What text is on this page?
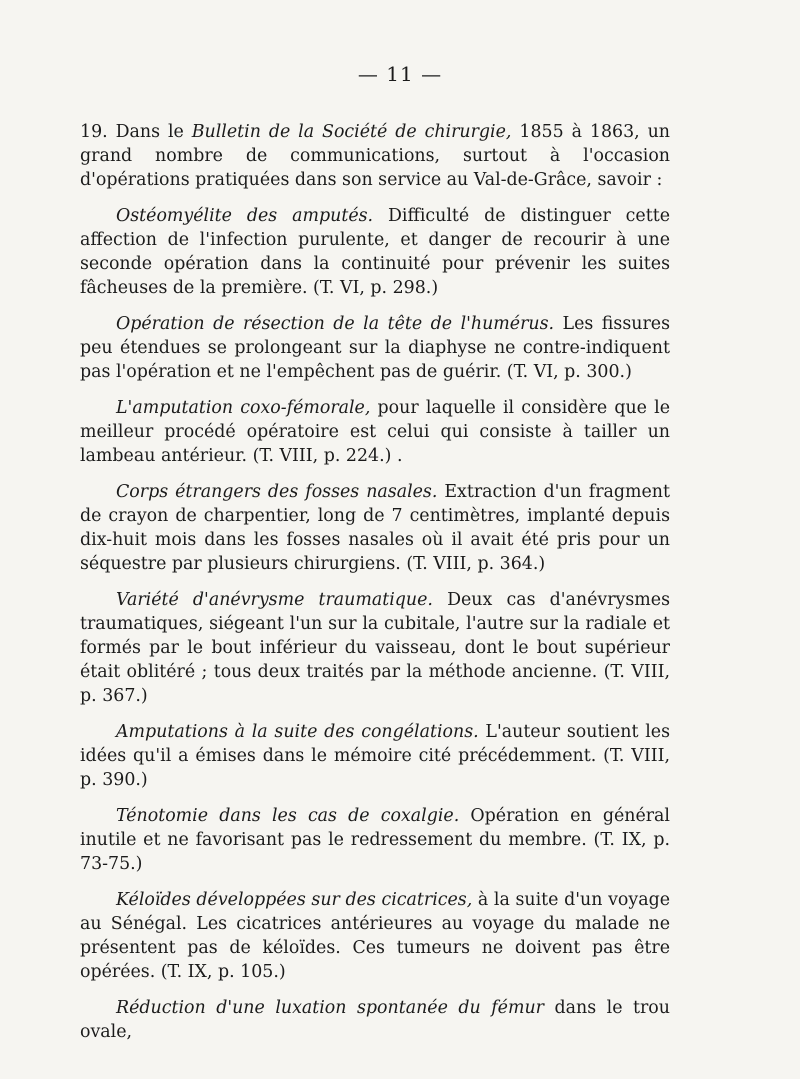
— 11 —

19. Dans le Bulletin de la Société de chirurgie, 1855 à 1863, un grand nombre de communications, surtout à l'occasion d'opérations pratiquées dans son service au Val-de-Grâce, savoir :

Ostéomyélite des amputés. Difficulté de distinguer cette affection de l'infection purulente, et danger de recourir à une seconde opération dans la continuité pour prévenir les suites fâcheuses de la première. (T. VI, p. 298.)

Opération de résection de la tête de l'humérus. Les fissures peu étendues se prolongeant sur la diaphyse ne contre-indiquent pas l'opération et ne l'empêchent pas de guérir. (T. VI, p. 300.)

L'amputation coxo-fémorale, pour laquelle il considère que le meilleur procédé opératoire est celui qui consiste à tailler un lambeau antérieur. (T. VIII, p. 224.) .

Corps étrangers des fosses nasales. Extraction d'un fragment de crayon de charpentier, long de 7 centimètres, implanté depuis dix-huit mois dans les fosses nasales où il avait été pris pour un séquestre par plusieurs chirurgiens. (T. VIII, p. 364.)

Variété d'anévrysme traumatique. Deux cas d'anévrysmes traumatiques, siégeant l'un sur la cubitale, l'autre sur la radiale et formés par le bout inférieur du vaisseau, dont le bout supérieur était oblitéré ; tous deux traités par la méthode ancienne. (T. VIII, p. 367.)

Amputations à la suite des congélations. L'auteur soutient les idées qu'il a émises dans le mémoire cité précédemment. (T. VIII, p. 390.)

Ténotomie dans les cas de coxalgie. Opération en général inutile et ne favorisant pas le redressement du membre. (T. IX, p. 73-75.)

Kéloïdes développées sur des cicatrices, à la suite d'un voyage au Sénégal. Les cicatrices antérieures au voyage du malade ne présentent pas de kéloïdes. Ces tumeurs ne doivent pas être opérées. (T. IX, p. 105.)

Réduction d'une luxation spontanée du fémur dans le trou ovale,
